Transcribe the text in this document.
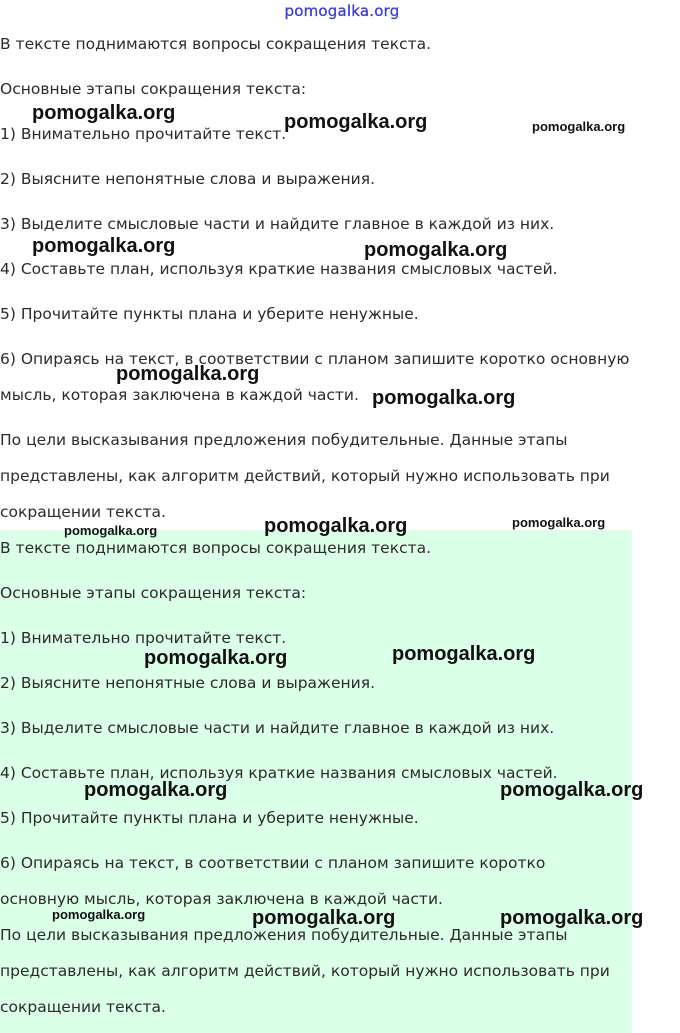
pomogalka.org
В тексте поднимаются вопросы сокращения текста.
Основные этапы сокращения текста:
1) Внимательно прочитайте текст.
2) Выясните непонятные слова и выражения.
3) Выделите смысловые части и найдите главное в каждой из них.
4) Составьте план, используя краткие названия смысловых частей.
5) Прочитайте пункты плана и уберите ненужные.
6) Опираясь на текст, в соответствии с планом запишите коротко основную
мысль, которая заключена в каждой части.
По цели высказывания предложения побудительные. Данные этапы
представлены, как алгоритм действий, который нужно использовать при
сокращении текста.
В тексте поднимаются вопросы сокращения текста.
Основные этапы сокращения текста:
1) Внимательно прочитайте текст.
2) Выясните непонятные слова и выражения.
3) Выделите смысловые части и найдите главное в каждой из них.
4) Составьте план, используя краткие названия смысловых частей.
5) Прочитайте пункты плана и уберите ненужные.
6) Опираясь на текст, в соответствии с планом запишите коротко
основную мысль, которая заключена в каждой части.
По цели высказывания предложения побудительные. Данные этапы
представлены, как алгоритм действий, который нужно использовать при
сокращении текста.
pomogalka.org	pomogalka.org	pomogalka.org
pomogalka.org	pomogalka.org
pomogalka.org
pomogalka.org
pomogalka.org	pomogalka.org	pomogalka.org
pomogalka.org	pomogalka.org
pomogalka.org	pomogalka.org
pomogalka.org	pomogalka.org	pomogalka.org
